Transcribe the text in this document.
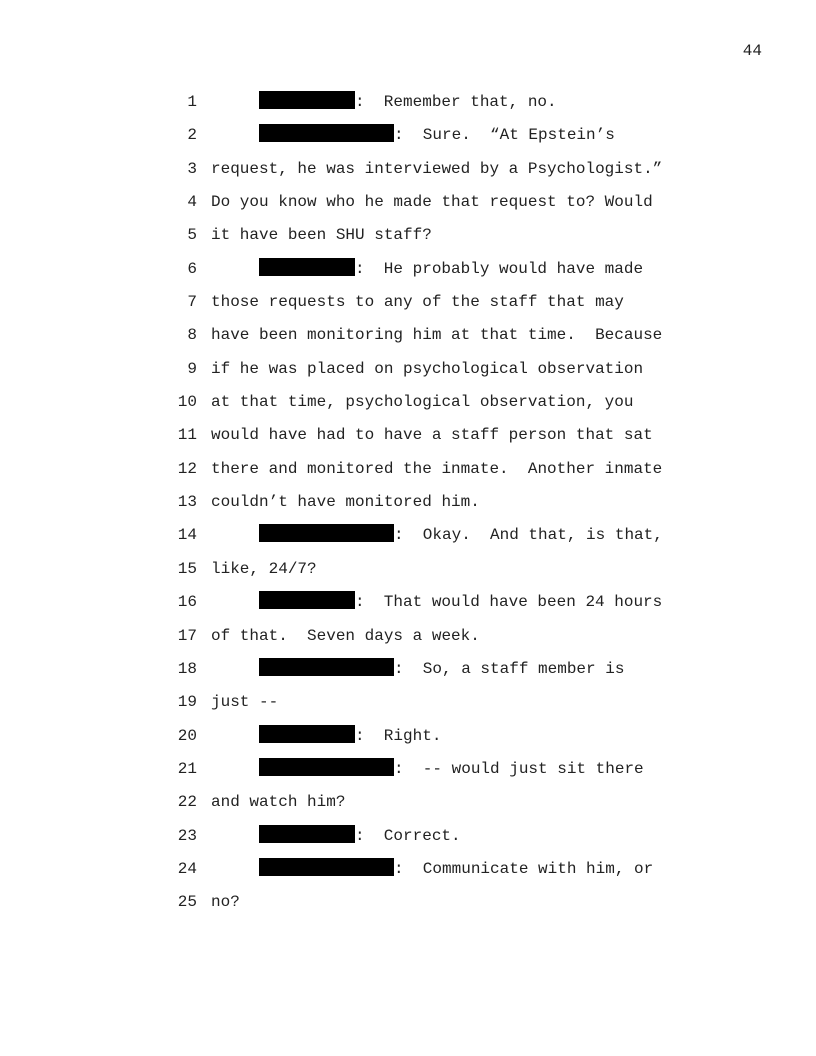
44
1	:  Remember that, no.
2	:  Sure.  “At Epstein’s
3 request, he was interviewed by a Psychologist.”
4 Do you know who he made that request to? Would
5 it have been SHU staff?
6	:  He probably would have made
7 those requests to any of the staff that may
8 have been monitoring him at that time.  Because
9 if he was placed on psychological observation
10 at that time, psychological observation, you
11 would have had to have a staff person that sat
12 there and monitored the inmate.  Another inmate
13 couldn’t have monitored him.
14	:  Okay.  And that, is that,
15 like, 24/7?
16	:  That would have been 24 hours
17 of that.  Seven days a week.
18	:  So, a staff member is
19 just --
20	:  Right.
21	:  -- would just sit there
22 and watch him?
23	:  Correct.
24	:  Communicate with him, or
25 no?
